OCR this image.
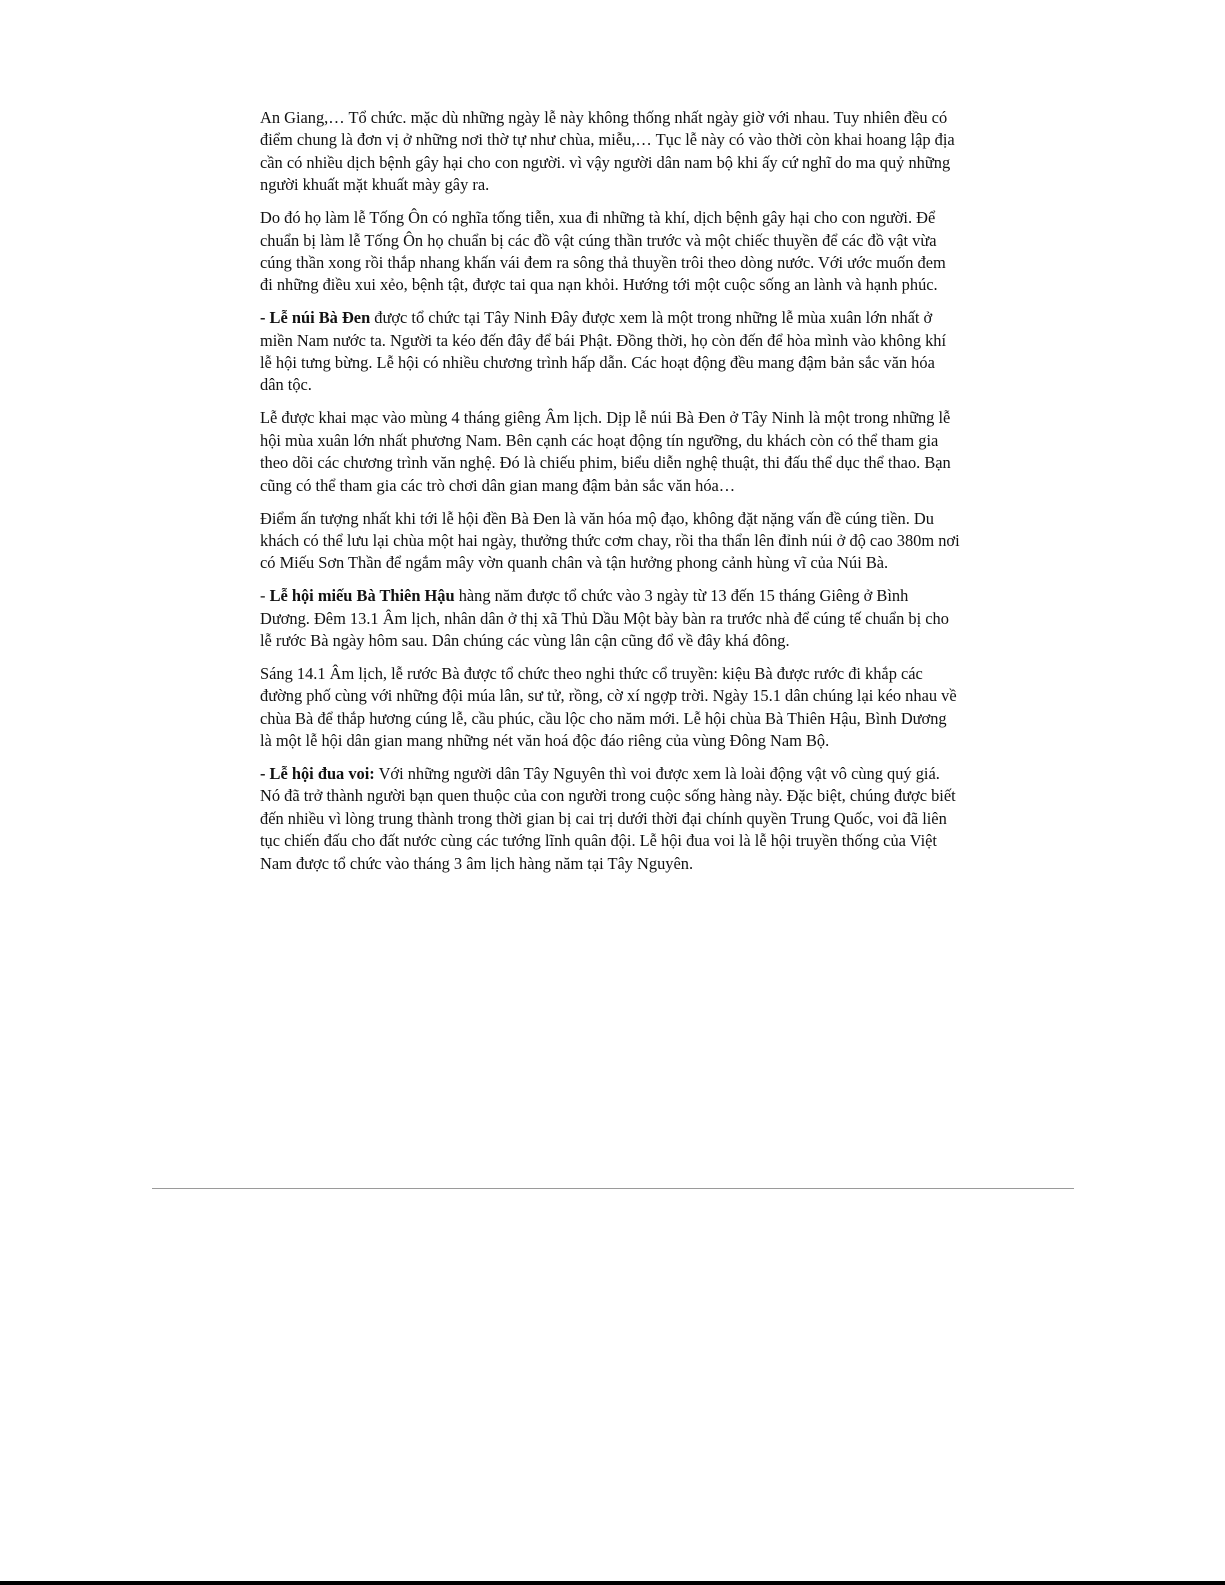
An Giang,… Tổ chức. mặc dù những ngày lễ này không thống nhất ngày giờ với nhau. Tuy nhiên đều có điểm chung là đơn vị ở những nơi thờ tự như chùa, miễu,… Tục lễ này có vào thời còn khai hoang lập địa cần có nhiều dịch bệnh gây hại cho con người. vì vậy người dân nam bộ khi ấy cứ nghĩ do ma quỷ những người khuất mặt khuất mày gây ra.

Do đó họ làm lễ Tống Ôn có nghĩa tống tiễn, xua đi những tà khí, dịch bệnh gây hại cho con người. Để chuẩn bị làm lễ Tống Ôn họ chuẩn bị các đồ vật cúng thần trước và một chiếc thuyền để các đồ vật vừa cúng thần xong rồi thắp nhang khấn vái đem ra sông thả thuyền trôi theo dòng nước. Với ước muốn đem đi những điều xui xẻo, bệnh tật, được tai qua nạn khỏi. Hướng tới một cuộc sống an lành và hạnh phúc.

- Lễ núi Bà Đen được tổ chức tại Tây Ninh Đây được xem là một trong những lễ mùa xuân lớn nhất ở miền Nam nước ta. Người ta kéo đến đây để bái Phật. Đồng thời, họ còn đến để hòa mình vào không khí lễ hội tưng bừng. Lễ hội có nhiều chương trình hấp dẫn. Các hoạt động đều mang đậm bản sắc văn hóa dân tộc.

Lễ được khai mạc vào mùng 4 tháng giêng Âm lịch. Dịp lễ núi Bà Đen ở Tây Ninh là một trong những lễ hội mùa xuân lớn nhất phương Nam. Bên cạnh các hoạt động tín ngưỡng, du khách còn có thể tham gia theo dõi các chương trình văn nghệ. Đó là chiếu phim, biểu diễn nghệ thuật, thi đấu thể dục thể thao. Bạn cũng có thể tham gia các trò chơi dân gian mang đậm bản sắc văn hóa…

Điểm ấn tượng nhất khi tới lễ hội đền Bà Đen là văn hóa mộ đạo, không đặt nặng vấn đề cúng tiền. Du khách có thể lưu lại chùa một hai ngày, thưởng thức cơm chay, rồi tha thẩn lên đỉnh núi ở độ cao 380m nơi có Miếu Sơn Thần để ngắm mây vờn quanh chân và tận hưởng phong cảnh hùng vĩ của Núi Bà.

- Lễ hội miếu Bà Thiên Hậu hàng năm được tổ chức vào 3 ngày từ 13 đến 15 tháng Giêng ở Bình Dương. Đêm 13.1 Âm lịch, nhân dân ở thị xã Thủ Dầu Một bày bàn ra trước nhà để cúng tế chuẩn bị cho lễ rước Bà ngày hôm sau. Dân chúng các vùng lân cận cũng đổ về đây khá đông.

Sáng 14.1 Âm lịch, lễ rước Bà được tổ chức theo nghi thức cổ truyền: kiệu Bà được rước đi khắp các đường phố cùng với những đội múa lân, sư tử, rồng, cờ xí ngợp trời. Ngày 15.1 dân chúng lại kéo nhau về chùa Bà để thắp hương cúng lễ, cầu phúc, cầu lộc cho năm mới. Lễ hội chùa Bà Thiên Hậu, Bình Dương là một lễ hội dân gian mang những nét văn hoá độc đáo riêng của vùng Đông Nam Bộ.

- Lễ hội đua voi: Với những người dân Tây Nguyên thì voi được xem là loài động vật vô cùng quý giá. Nó đã trở thành người bạn quen thuộc của con người trong cuộc sống hàng này. Đặc biệt, chúng được biết đến nhiều vì lòng trung thành trong thời gian bị cai trị dưới thời đại chính quyền Trung Quốc, voi đã liên tục chiến đấu cho đất nước cùng các tướng lĩnh quân đội. Lễ hội đua voi là lễ hội truyền thống của Việt Nam được tổ chức vào tháng 3 âm lịch hàng năm tại Tây Nguyên.
